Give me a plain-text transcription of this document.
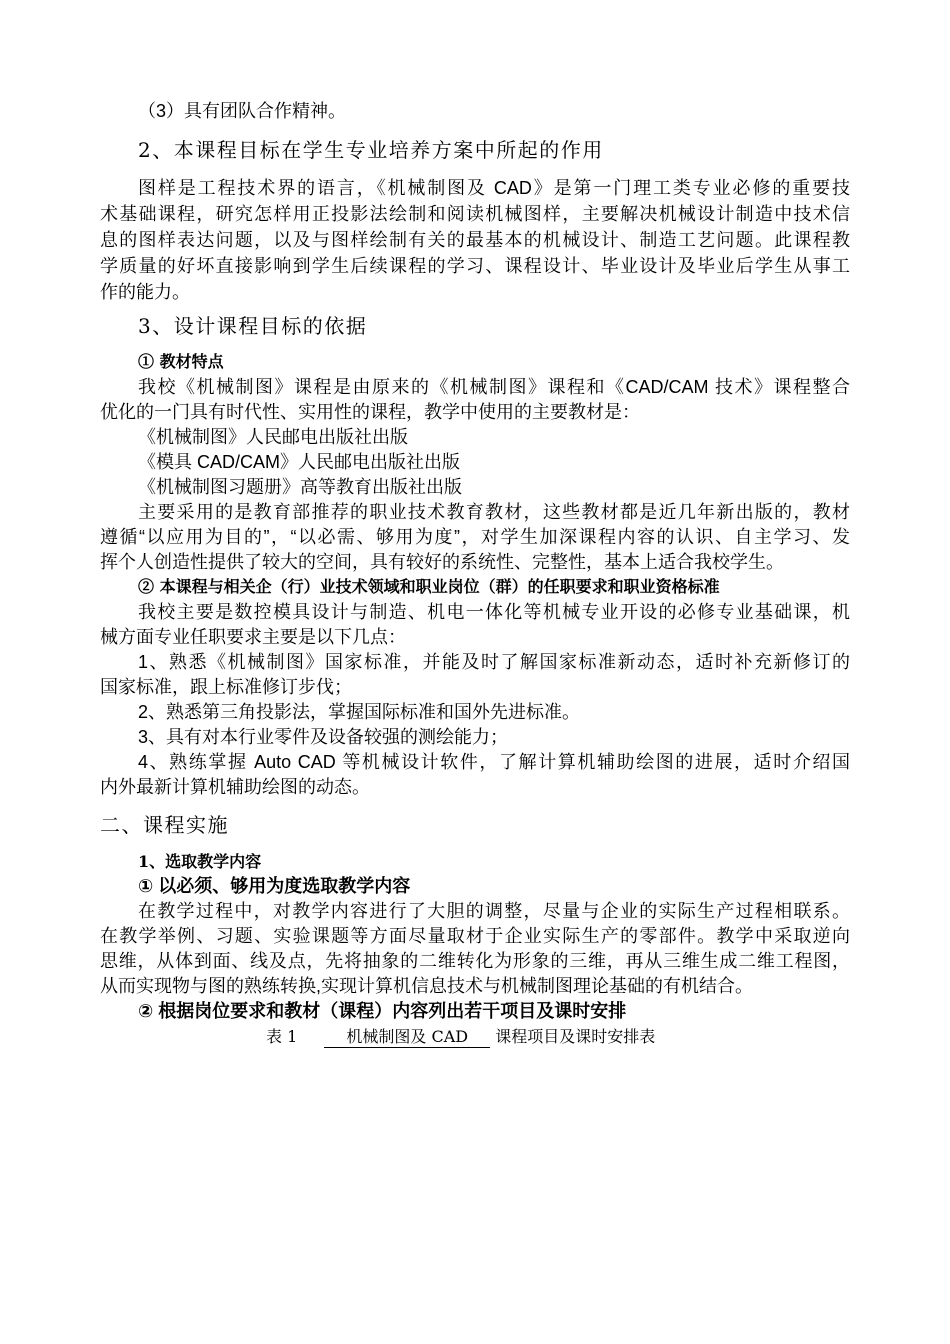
（3）具有团队合作精神。
2、本课程目标在学生专业培养方案中所起的作用
图样是工程技术界的语言，《机械制图及 CAD》是第一门理工类专业必修的重要技
术基础课程，研究怎样用正投影法绘制和阅读机械图样，主要解决机械设计制造中技术信
息的图样表达问题，以及与图样绘制有关的最基本的机械设计、制造工艺问题。此课程教
学质量的好坏直接影响到学生后续课程的学习、课程设计、毕业设计及毕业后学生从事工
作的能力。
3、设计课程目标的依据
① 教材特点
我校《机械制图》课程是由原来的《机械制图》课程和《CAD/CAM 技术》课程整合
优化的一门具有时代性、实用性的课程，教学中使用的主要教材是：
《机械制图》人民邮电出版社出版
《模具 CAD/CAM》人民邮电出版社出版
《机械制图习题册》高等教育出版社出版
主要采用的是教育部推荐的职业技术教育教材，这些教材都是近几年新出版的，教材
遵循“以应用为目的”，“以必需、够用为度”，对学生加深课程内容的认识、自主学习、发
挥个人创造性提供了较大的空间，具有较好的系统性、完整性，基本上适合我校学生。
② 本课程与相关企（行）业技术领域和职业岗位（群）的任职要求和职业资格标准
我校主要是数控模具设计与制造、机电一体化等机械专业开设的必修专业基础课，机
械方面专业任职要求主要是以下几点：
1、熟悉《机械制图》国家标准，并能及时了解国家标准新动态，适时补充新修订的
国家标准，跟上标准修订步伐；
2、熟悉第三角投影法，掌握国际标准和国外先进标准。
3、具有对本行业零件及设备较强的测绘能力；
4、熟练掌握 Auto CAD 等机械设计软件，了解计算机辅助绘图的进展，适时介绍国
内外最新计算机辅助绘图的动态。
二、课程实施
1、选取教学内容
① 以必须、够用为度选取教学内容
在教学过程中，对教学内容进行了大胆的调整，尽量与企业的实际生产过程相联系。
在教学举例、习题、实验课题等方面尽量取材于企业实际生产的零部件。教学中采取逆向
思维，从体到面、线及点，先将抽象的二维转化为形象的三维，再从三维生成二维工程图，
从而实现物与图的熟练转换,实现计算机信息技术与机械制图理论基础的有机结合。
② 根据岗位要求和教材（课程）内容列出若干项目及课时安排
表 1	机械制图及 CAD 课程项目及课时安排表
